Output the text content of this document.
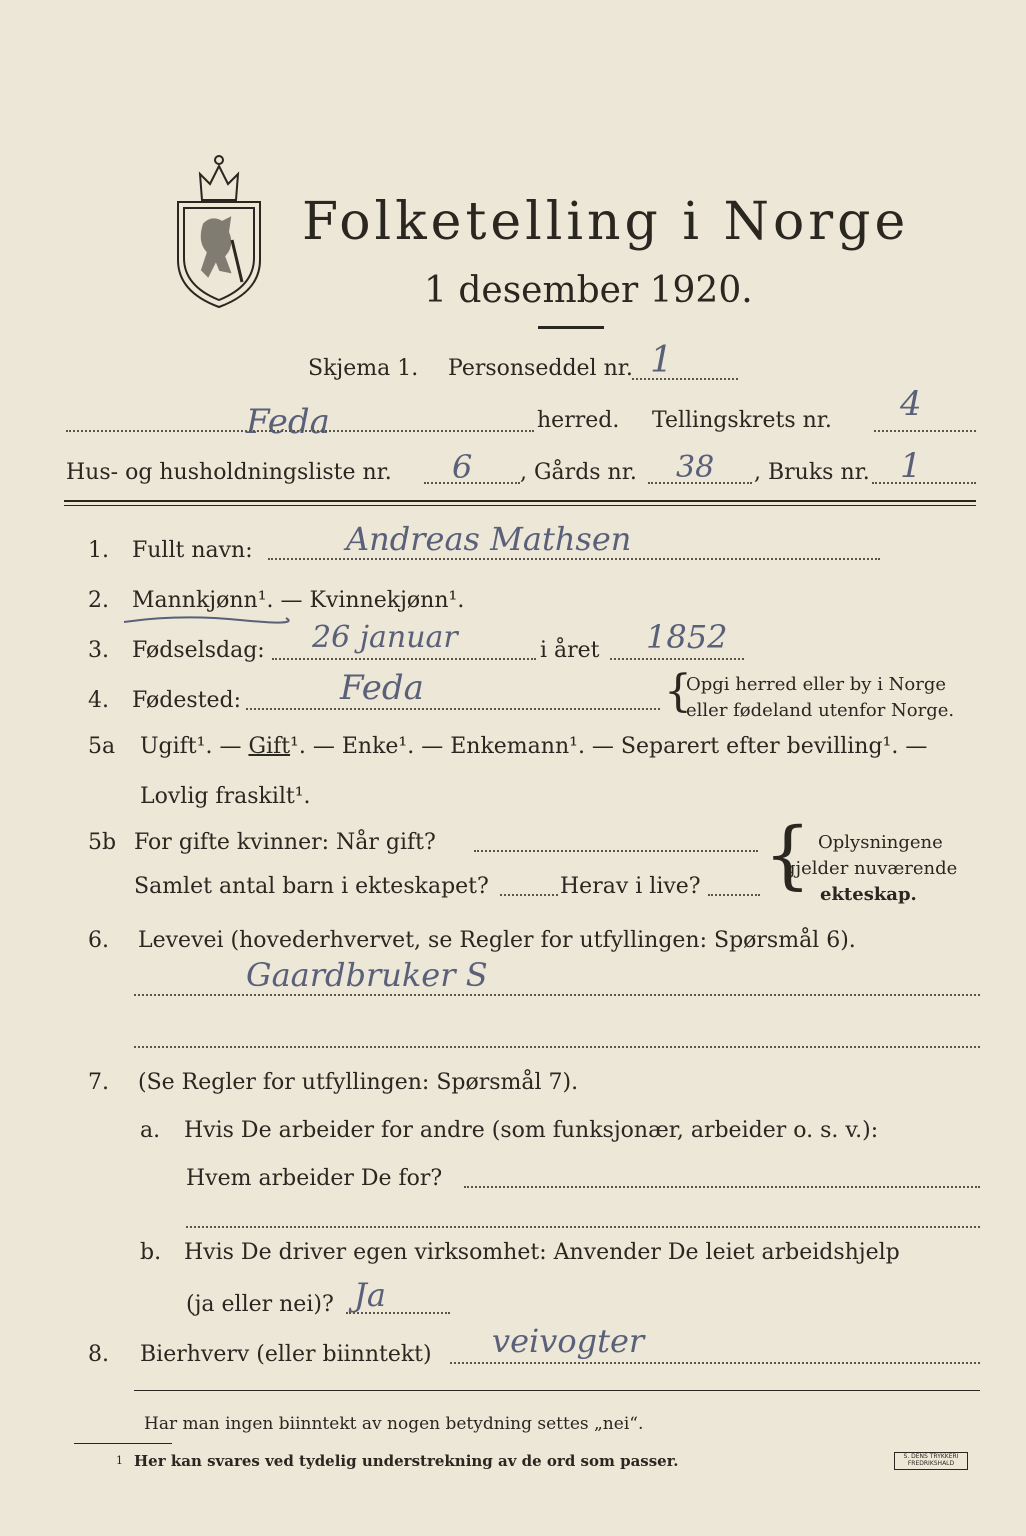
Folketelling i Norge
1 desember 1920.
Skjema 1. Personseddel nr. 1
Feda	herred. Tellingskrets nr. 4
Hus- og husholdningsliste nr. 6 , Gårds nr. 38 , Bruks nr. 1
1. Fullt navn:	Andreas Mathsen
2. Mannkjønn¹. — Kvinnekjønn¹.
3. Fødselsdag: 26 januar	i året 1852
4. Fødested:	Feda	{
Opgi herred eller by i Norge
eller fødeland utenfor Norge.
5a Ugift¹. — Gift¹. — Enke¹. — Enkemann¹. — Separert efter bevilling¹. —
Lovlig fraskilt¹.
5b For gifte kvinner: Når gift?
Samlet antal barn i ekteskapet?	Herav i live? { Oplysningene
gjelder nuværende
ekteskap.
6. Levevei (hovederhvervet, se Regler for utfyllingen: Spørsmål 6).
Gaardbruker S
7. (Se Regler for utfyllingen: Spørsmål 7).
a. Hvis De arbeider for andre (som funksjonær, arbeider o. s. v.):
Hvem arbeider De for?
b. Hvis De driver egen virksomhet: Anvender De leiet arbeidshjelp
(ja eller nei)? Ja
8. Bierhverv (eller biinntekt) veivogter
Har man ingen biinntekt av nogen betydning settes „nei“.
1 Her kan svares ved tydelig understrekning av de ord som passer.	S. DENS TRYKKERI
FREDRIKSHALD
